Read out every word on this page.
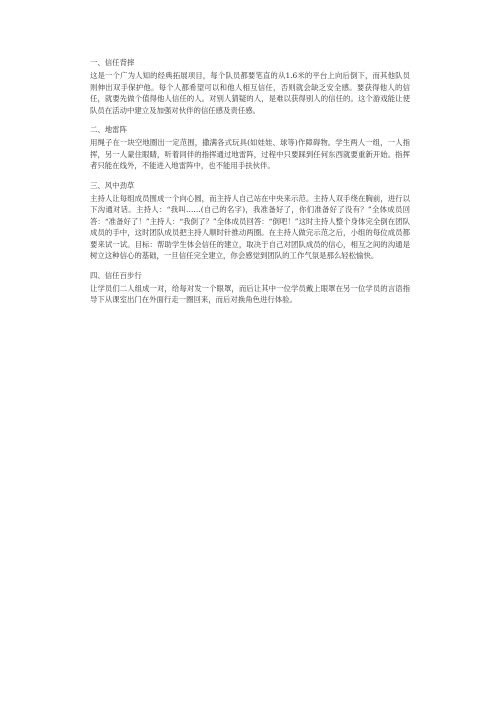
一、信任背摔

这是一个广为人知的经典拓展项目，每个队员都要笔直的从1.6米的平台上向后倒下，而其他队员则伸出双手保护他。每个人都希望可以和他人相互信任，否则就会缺乏安全感。要获得他人的信任，就要先做个值得他人信任的人。对别人猜疑的人，是难以获得别人的信任的。这个游戏能让使队员在活动中建立及加强对伙伴的信任感及责任感。

二、地雷阵

用绳子在一块空地圈出一定范围，撒满各式玩具(如娃娃、球等)作障碍物。学生两人一组，一人指挥，另一人蒙住眼睛，听着同伴的指挥通过地雷阵，过程中只要踩到任何东西就要重新开始。指挥者只能在线外，不能进入地雷阵中，也不能用手扶伙伴。

三、风中劲草

主持人让每组成员围成一个向心圆，而主持人自己站在中央来示范。主持人双手绕在胸前，进行以下沟通对话。主持人：“我叫……(自己的名字)，我准备好了，你们准备好了没有？”全体成员回答：“准备好了！”主持人：“我倒了？”全体成员回答：“倒吧！”这时主持人整个身体完全倒在团队成员的手中，这时团队成员把主持人顺时针推动两圈。在主持人做完示范之后，小组的每位成员都要来试一试。目标：帮助学生体会信任的建立，取决于自己对团队成员的信心，相互之间的沟通是树立这种信心的基础，一旦信任完全建立，你会感觉到团队的工作气氛是那么轻松愉快。

四、信任百步行

让学员们二人组成一对，给每对发一个眼罩，而后让其中一位学员戴上眼罩在另一位学员的言语指导下从课室出门在外面行走一圈回来，而后对换角色进行体验。
